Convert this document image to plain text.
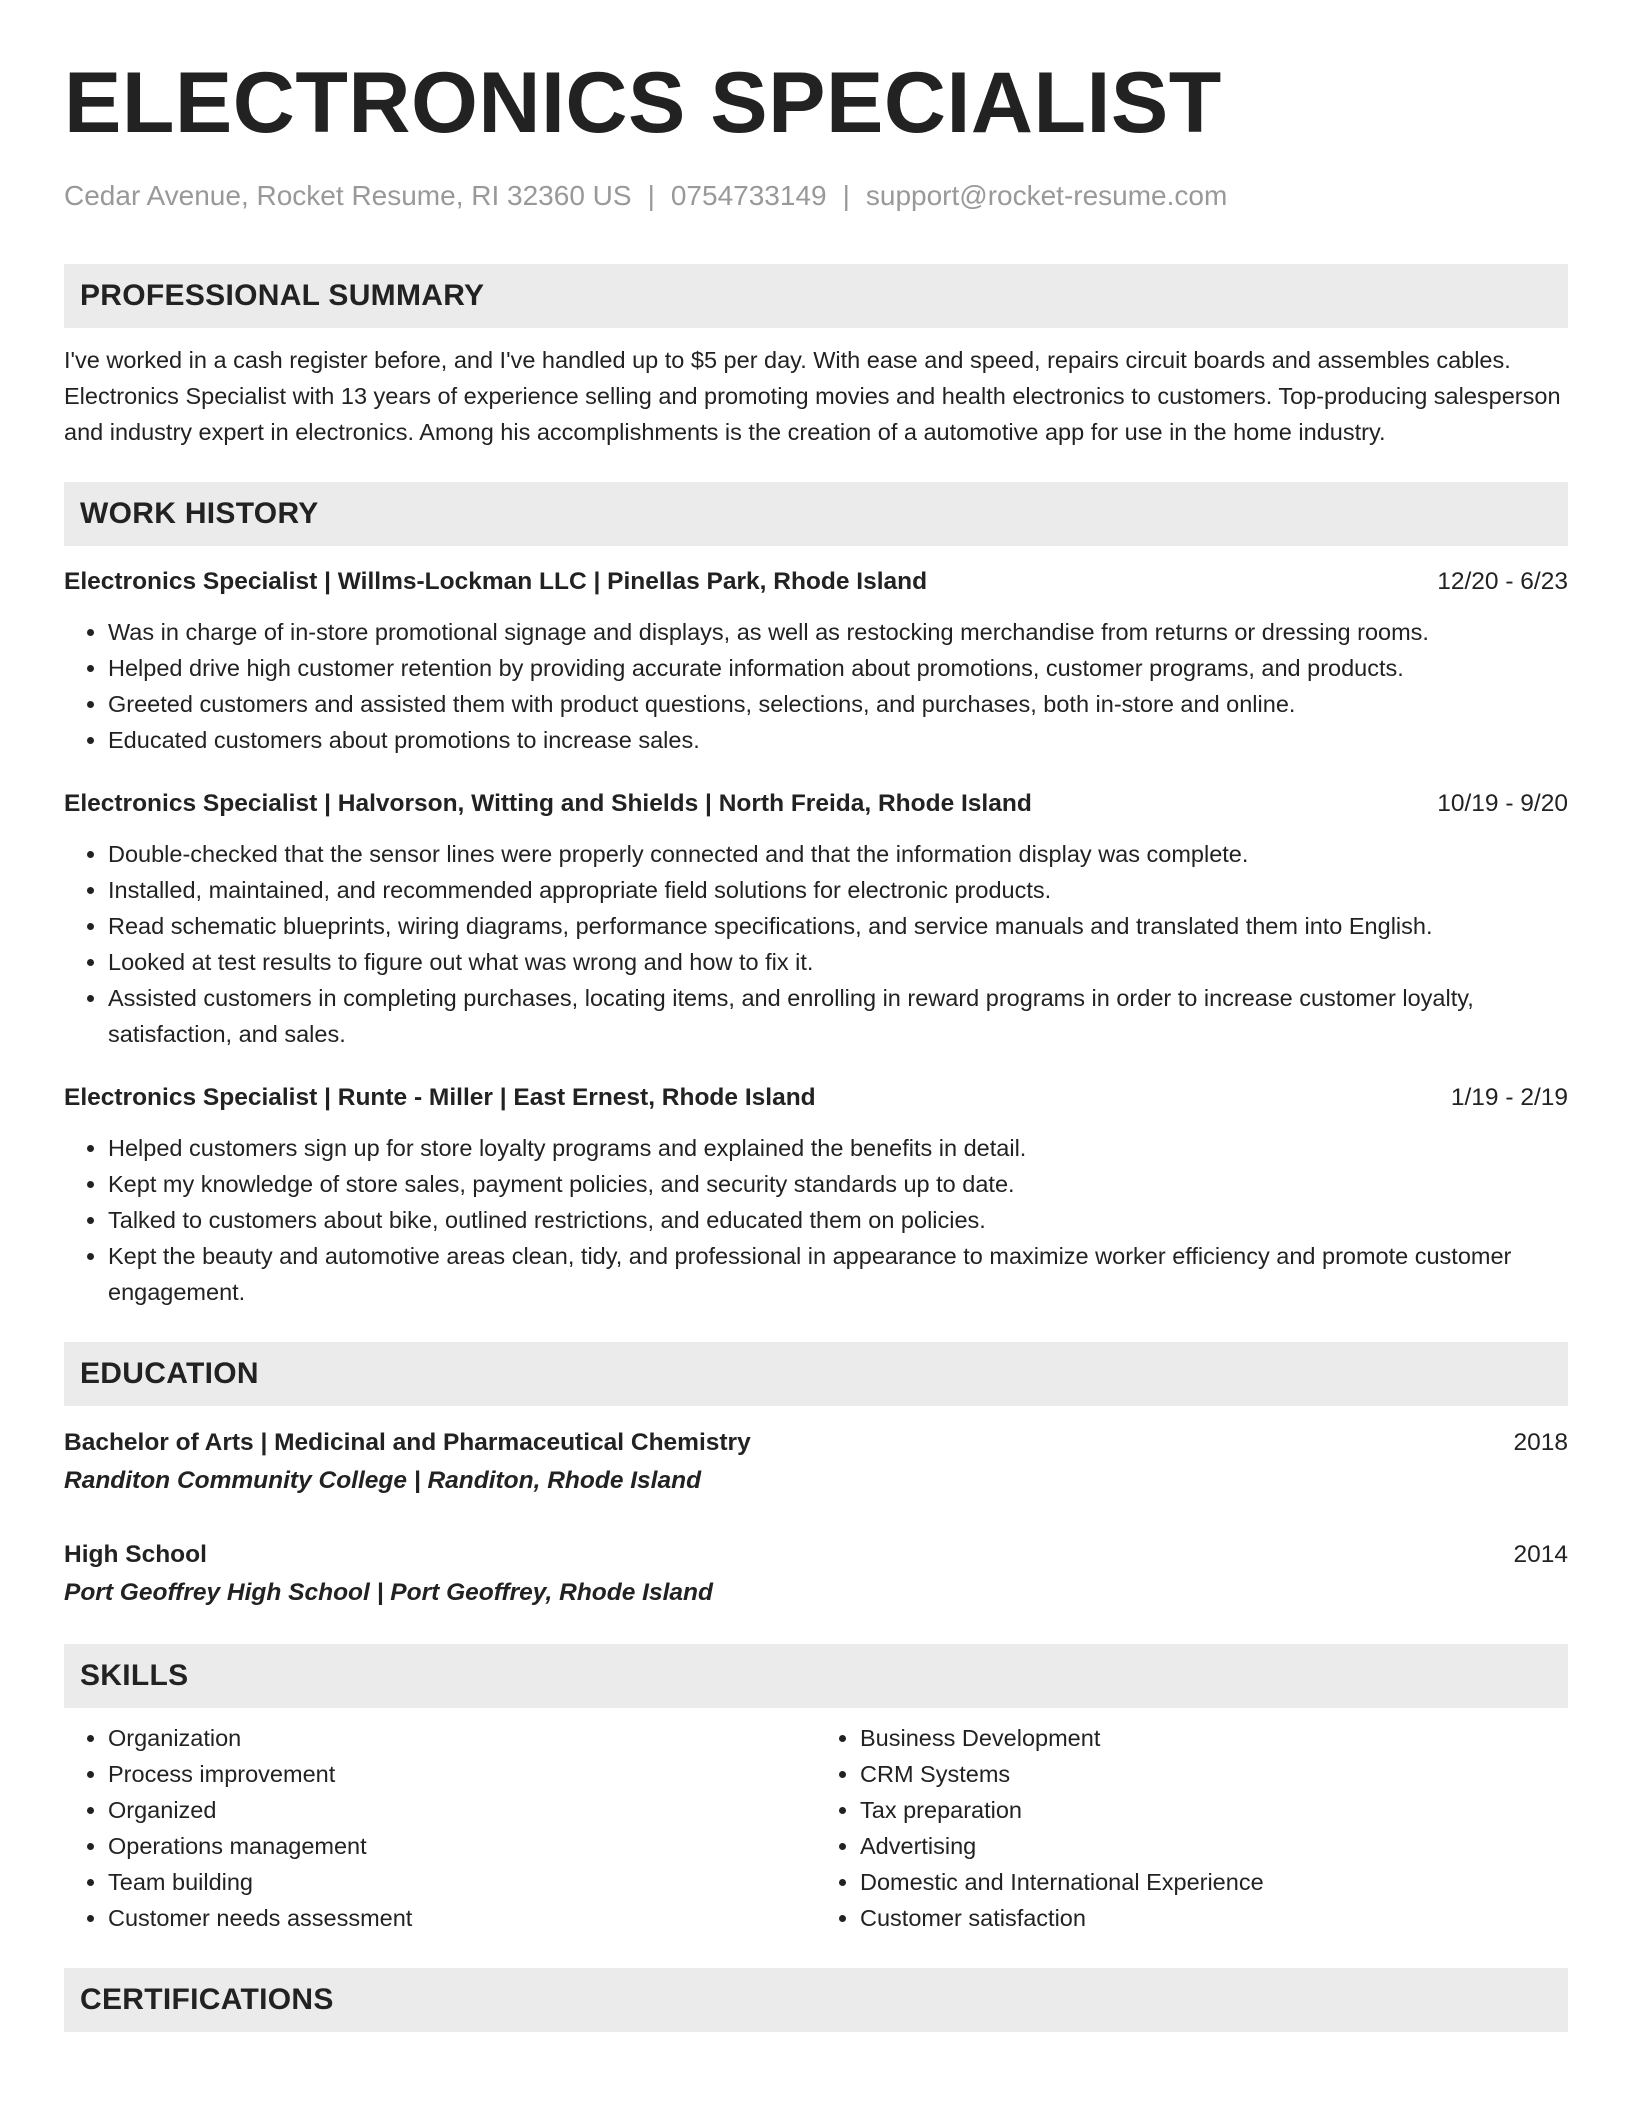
ELECTRONICS SPECIALIST
Cedar Avenue, Rocket Resume, RI 32360 US | 0754733149 | support@rocket-resume.com
PROFESSIONAL SUMMARY

I've worked in a cash register before, and I've handled up to $5 per day. With ease and speed, repairs circuit boards and assembles cables. Electronics Specialist with 13 years of experience selling and promoting movies and health electronics to customers. Top-producing salesperson and industry expert in electronics. Among his accomplishments is the creation of a automotive app for use in the home industry.

WORK HISTORY
Electronics Specialist | Willms-Lockman LLC | Pinellas Park, Rhode Island	12/20 - 6/23
• Was in charge of in-store promotional signage and displays, as well as restocking merchandise from returns or dressing rooms.
• Helped drive high customer retention by providing accurate information about promotions, customer programs, and products.
• Greeted customers and assisted them with product questions, selections, and purchases, both in-store and online.
• Educated customers about promotions to increase sales.
Electronics Specialist | Halvorson, Witting and Shields | North Freida, Rhode Island	10/19 - 9/20
• Double-checked that the sensor lines were properly connected and that the information display was complete.
• Installed, maintained, and recommended appropriate field solutions for electronic products.
• Read schematic blueprints, wiring diagrams, performance specifications, and service manuals and translated them into English.
• Looked at test results to figure out what was wrong and how to fix it.
• Assisted customers in completing purchases, locating items, and enrolling in reward programs in order to increase customer loyalty, satisfaction, and sales.
Electronics Specialist | Runte - Miller | East Ernest, Rhode Island	1/19 - 2/19
• Helped customers sign up for store loyalty programs and explained the benefits in detail.
• Kept my knowledge of store sales, payment policies, and security standards up to date.
• Talked to customers about bike, outlined restrictions, and educated them on policies.
• Kept the beauty and automotive areas clean, tidy, and professional in appearance to maximize worker efficiency and promote customer engagement.
EDUCATION
Bachelor of Arts | Medicinal and Pharmaceutical Chemistry	2018
Randiton Community College | Randiton, Rhode Island
High School	2014
Port Geoffrey High School | Port Geoffrey, Rhode Island
SKILLS
• Organization
• Process improvement
• Organized
• Operations management
• Team building
• Customer needs assessment
• Business Development
• CRM Systems
• Tax preparation
• Advertising
• Domestic and International Experience
• Customer satisfaction
CERTIFICATIONS
